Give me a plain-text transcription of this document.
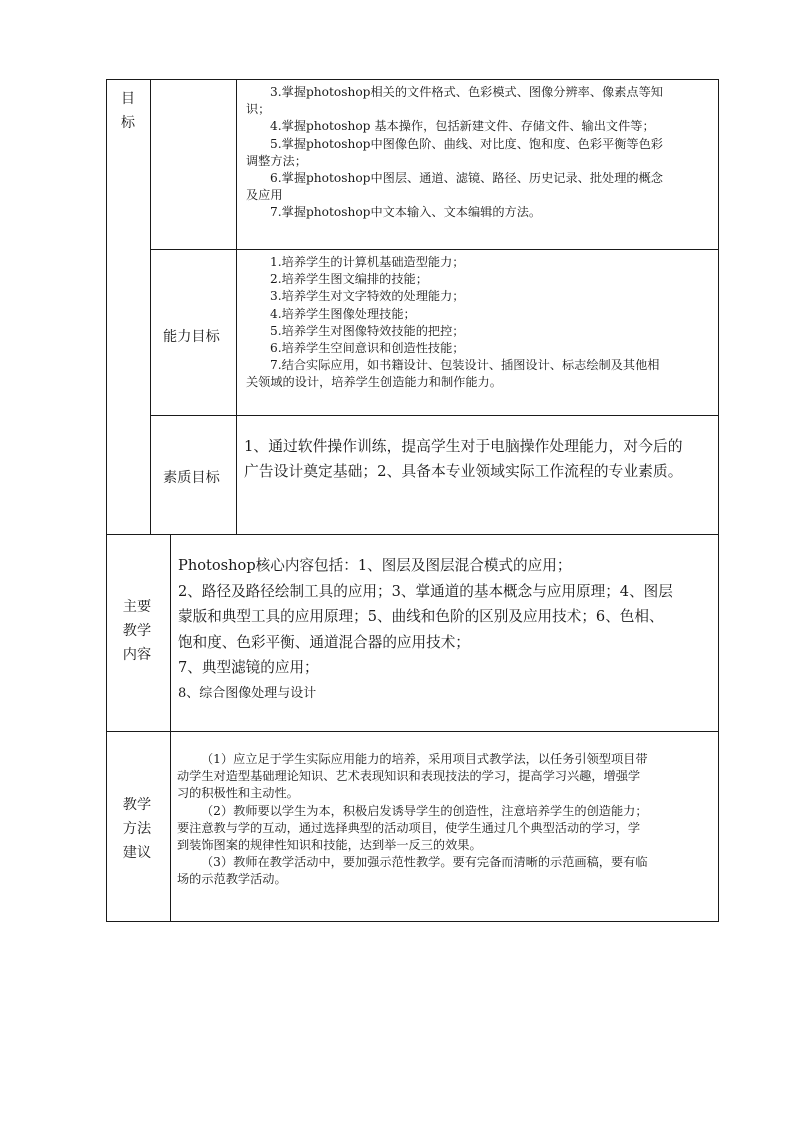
目
标

3.掌握photoshop相关的文件格式、色彩模式、图像分辨率、像素点等知

识；

4.掌握photoshop 基本操作，包括新建文件、存储文件、输出文件等；

5.掌握photoshop中图像色阶、曲线、对比度、饱和度、色彩平衡等色彩

调整方法；

6.掌握photoshop中图层、通道、滤镜、路径、历史记录、批处理的概念

及应用

7.掌握photoshop中文本输入、文本编辑的方法。

能力目标

1.培养学生的计算机基础造型能力；

2.培养学生图文编排的技能；

3.培养学生对文字特效的处理能力；

4.培养学生图像处理技能；

5.培养学生对图像特效技能的把控；

6.培养学生空间意识和创造性技能；

7.结合实际应用，如书籍设计、包装设计、插图设计、标志绘制及其他相

关领域的设计，培养学生创造能力和制作能力。

素质目标

1、通过软件操作训练，提高学生对于电脑操作处理能力，对今后的

广告设计奠定基础；2、具备本专业领域实际工作流程的专业素质。

主要
教学
内容

Photoshop核心内容包括：1、图层及图层混合模式的应用；

2、路径及路径绘制工具的应用；3、掌通道的基本概念与应用原理；4、图层

蒙版和典型工具的应用原理；5、曲线和色阶的区别及应用技术；6、色相、

饱和度、色彩平衡、通道混合器的应用技术；

7、典型滤镜的应用；

8、综合图像处理与设计

教学
方法
建议

（1）应立足于学生实际应用能力的培养，采用项目式教学法，以任务引领型项目带

动学生对造型基础理论知识、艺术表现知识和表现技法的学习，提高学习兴趣，增强学

习的积极性和主动性。

（2）教师要以学生为本，积极启发诱导学生的创造性，注意培养学生的创造能力；

要注意教与学的互动，通过选择典型的活动项目，使学生通过几个典型活动的学习，学

到装饰图案的规律性知识和技能，达到举一反三的效果。

（3）教师在教学活动中，要加强示范性教学。要有完备而清晰的示范画稿，要有临

场的示范教学活动。
